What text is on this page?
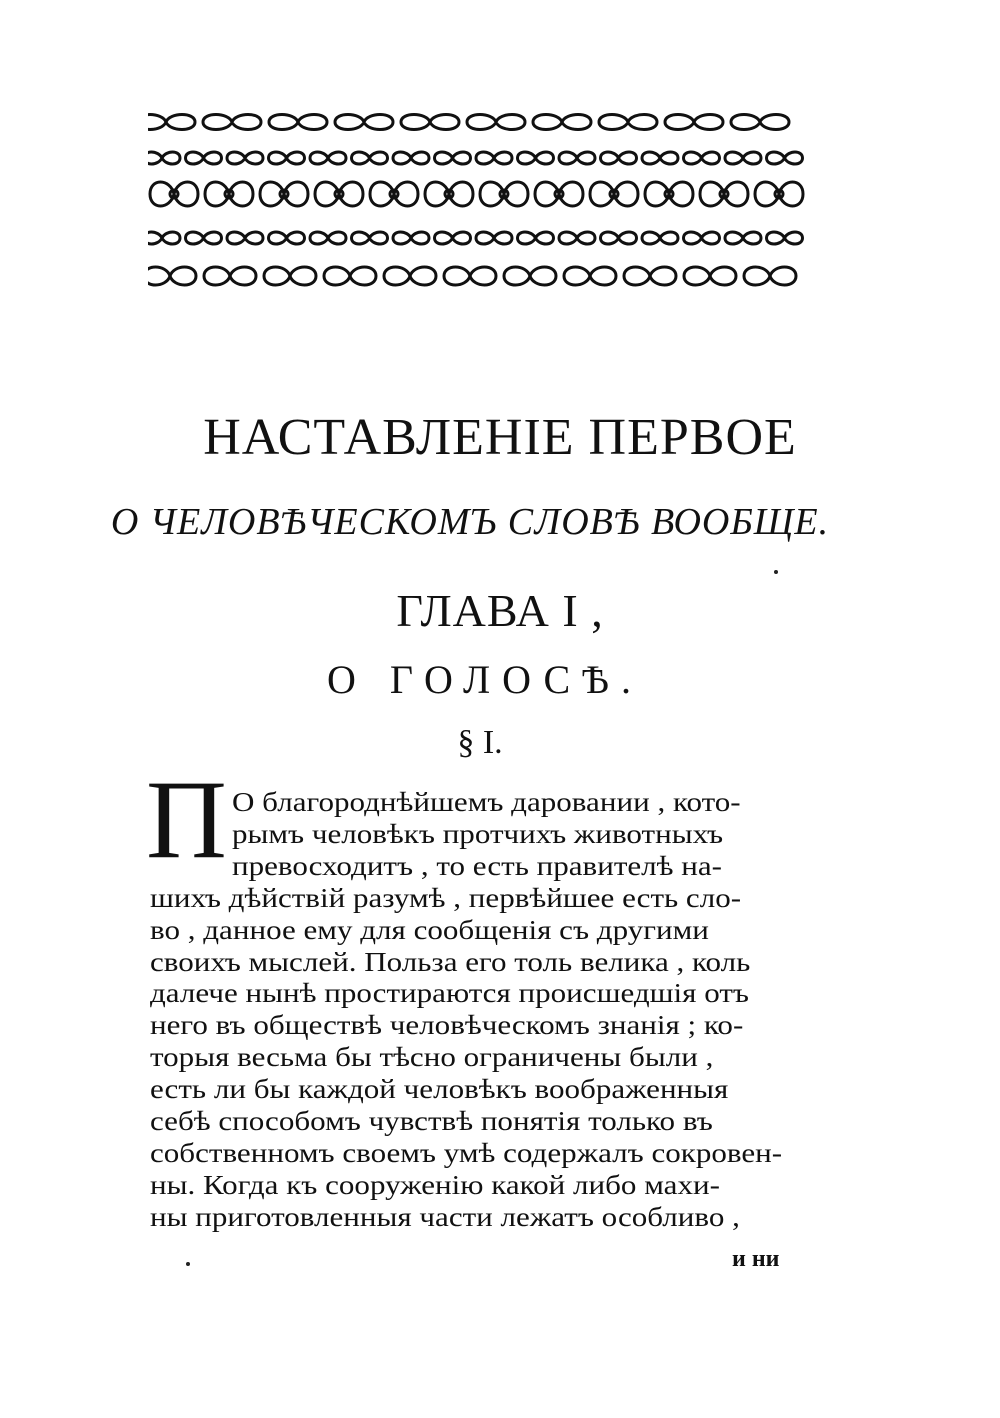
НАСТАВЛЕНІЕ ПЕРВОЕ
О ЧЕЛОВѢЧЕСКОМЪ СЛОВѢ ВООБЩЕ.
ГЛАВА I ,
О ГОЛОСѢ.
§ I.
П
и ни
О благороднѣйшемъ даровании , кото-
рымъ человѣкъ протчихъ животныхъ
превосходитъ , то есть правителѣ на-
шихъ дѣйствій разумѣ , первѣйшее есть сло-
во , данное ему для сообщенія съ другими
своихъ мыслей. Польза его толь велика , коль
далече нынѣ простираются происшедшія отъ
него въ обществѣ человѣческомъ знанія ; ко-
торыя весьма бы тѣсно ограничены были ,
есть ли бы каждой человѣкъ воображенныя
себѣ способомъ чувствѣ понятія только въ
собственномъ своемъ умѣ содержалъ сокровен-
ны. Когда къ сооруженію какой либо махи-
ны приготовленныя части лежатъ особливо ,
